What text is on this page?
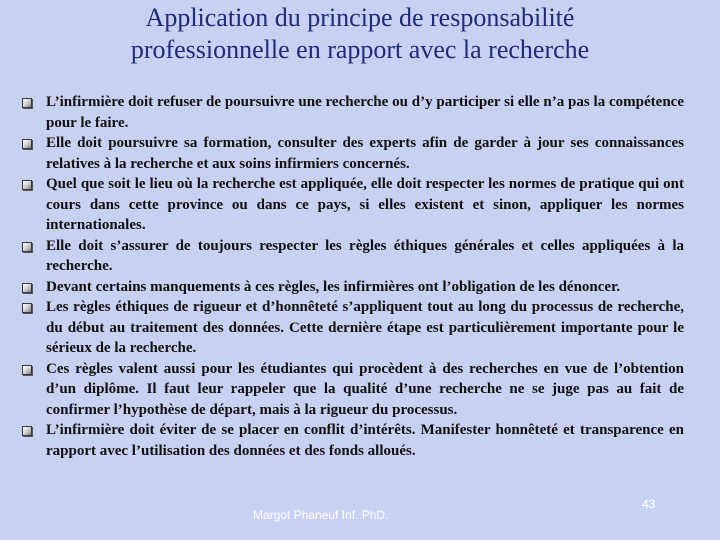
Application du principe de responsabilité
professionnelle en rapport avec la recherche
L’infirmière doit refuser de poursuivre une recherche ou d’y participer si elle n’a pas la compétence pour le faire.
Elle doit poursuivre sa formation, consulter des experts afin de garder à jour ses connaissances relatives à la recherche et aux soins infirmiers concernés.
Quel que soit le lieu où la recherche est appliquée, elle doit respecter les normes de pratique qui ont cours dans cette province ou dans ce pays, si elles existent et sinon, appliquer les normes internationales.
Elle doit s’assurer de toujours respecter les règles éthiques générales et celles appliquées à la recherche.
Devant certains manquements à ces règles, les infirmières ont l’obligation de les dénoncer.
Les règles éthiques de rigueur et d’honnêteté s’appliquent tout au long du processus de recherche, du début au traitement des données. Cette dernière étape est particulièrement importante pour le sérieux de la recherche.
Ces règles valent aussi pour les étudiantes qui procèdent à des recherches en vue de l’obtention d’un diplôme. Il faut leur rappeler que la qualité d’une recherche ne se juge pas au fait de confirmer l’hypothèse de départ, mais à la rigueur du processus.
L’infirmière doit éviter de se placer en conflit d’intérêts. Manifester honnêteté et transparence en rapport avec l’utilisation des données et des fonds alloués.
Margot Phaneuf Inf. PhD.
43
